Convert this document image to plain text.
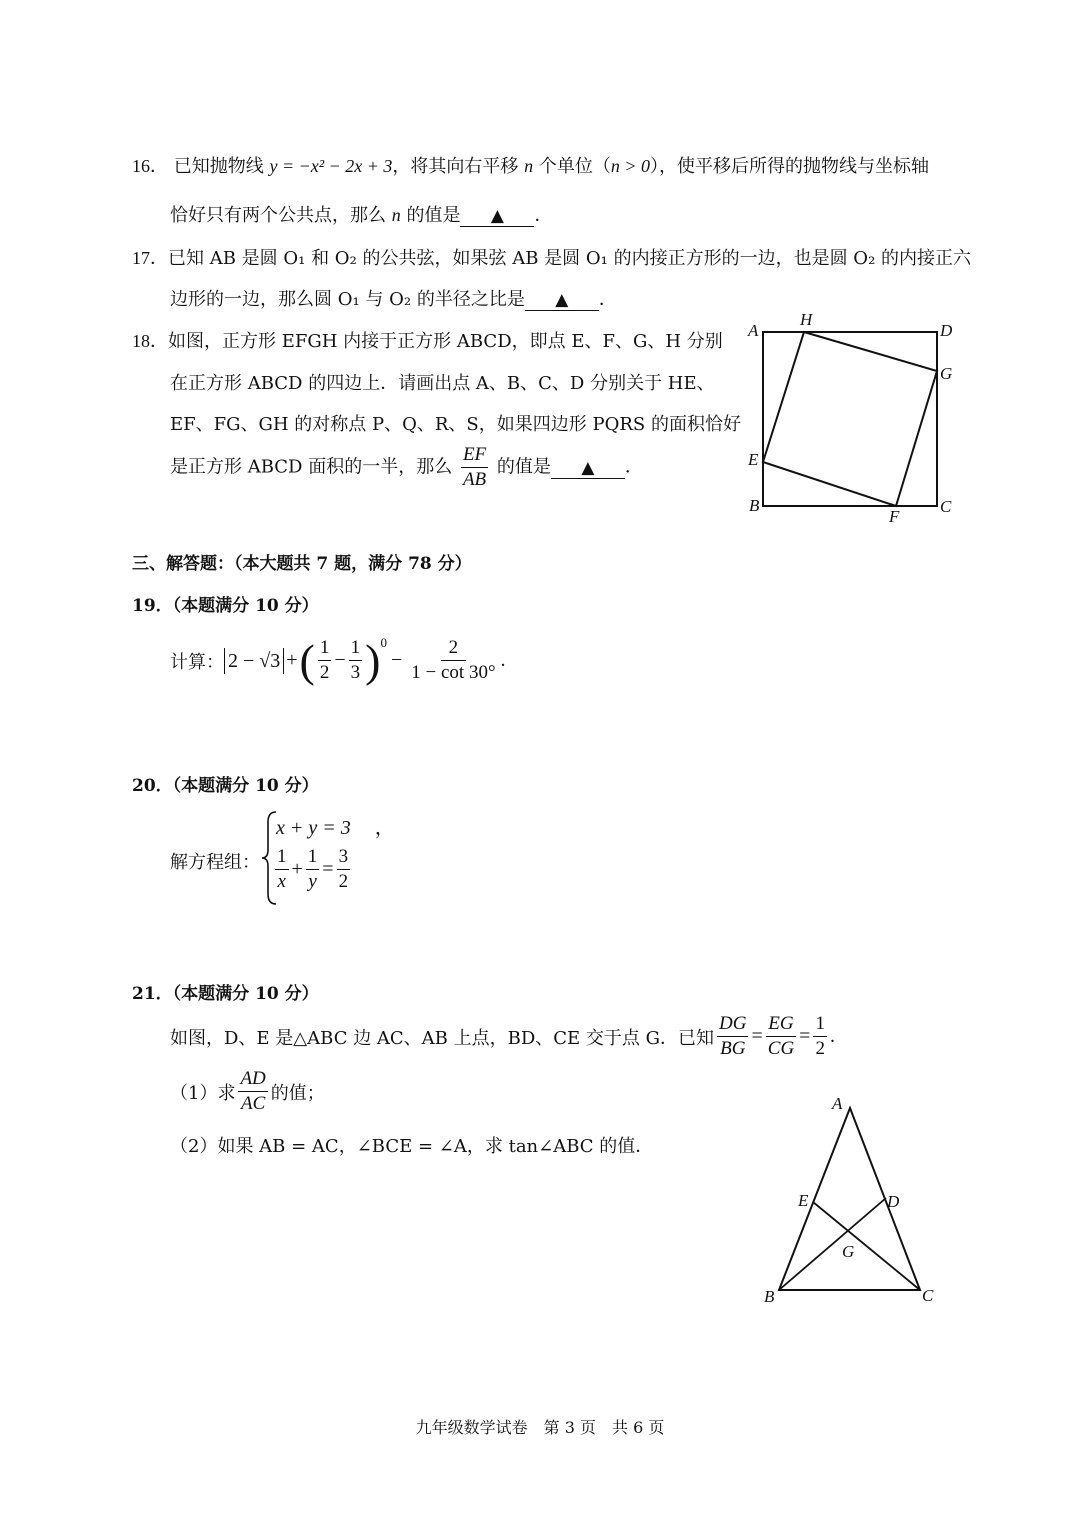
16． 已知抛物线 y = −x² − 2x + 3，将其向右平移 n 个单位（n > 0），使平移后所得的抛物线与坐标轴
恰好只有两个公共点，那么 n 的值是 ▲ ．
17．已知 AB 是圆 O₁ 和 O₂ 的公共弦，如果弦 AB 是圆 O₁ 的内接正方形的一边，也是圆 O₂ 的内接正六
边形的一边，那么圆 O₁ 与 O₂ 的半径之比是 ▲ ．
18．如图，正方形 EFGH 内接于正方形 ABCD，即点 E、F、G、H 分别
在正方形 ABCD 的四边上．请画出点 A、B、C、D 分别关于 HE、
EF、FG、GH 的对称点 P、Q、R、S，如果四边形 PQRS 的面积恰好
是正方形 ABCD 面积的一半，那么 $\frac{EF}{AB}$ 的值是 ▲ ．
A
H
D
G
E
B
F
C
三、解答题：（本大题共 7 题，满分 78 分）
19．（本题满分 10 分）
计算： 2 − √3 + ( $\frac{1}{2} - \frac{1}{3}$ ) 0
− $\frac{2}{1 - \cot 30^\circ}$ .
20．（本题满分 10 分）
解方程组：
x + y = 3 ，
$\frac{1}{x} + \frac{1}{y} = \frac{3}{2}$
21．（本题满分 10 分）
如图，D、E 是△ABC 边 AC、AB 上点，BD、CE 交于点 G．已知 $\frac{DG}{BG} = \frac{EG}{CG} = \frac{1}{2}$ .
（1）求 $\frac{AD}{AC}$ 的值；
（2）如果 AB = AC，∠BCE = ∠A，求 tan∠ABC 的值．
A
E	D
G
B	C
九年级数学试卷　第 3 页　共 6 页
